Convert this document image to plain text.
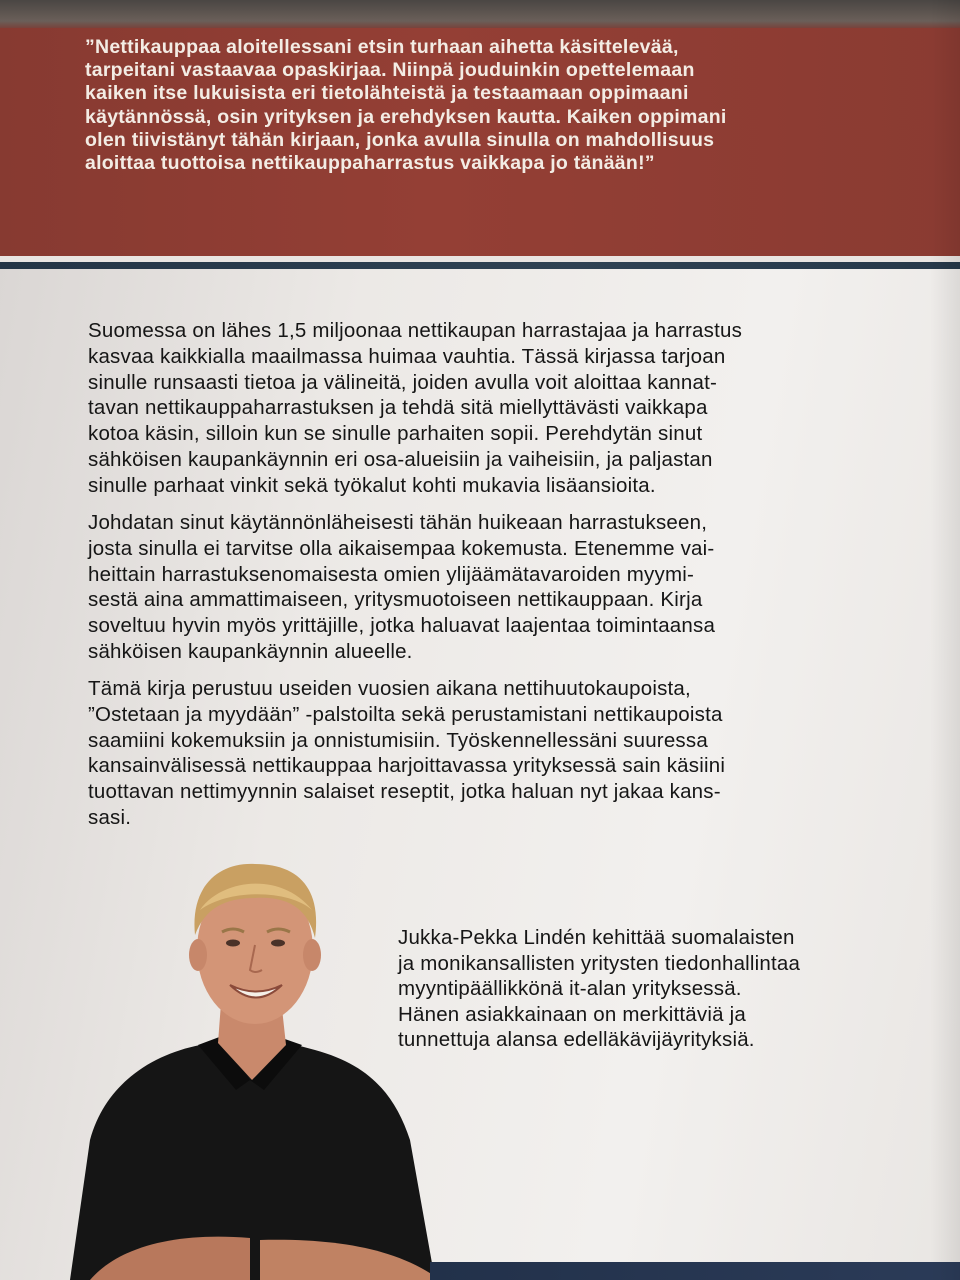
”Nettikauppaa aloitellessani etsin turhaan aihetta käsittelevää,
tarpeitani vastaavaa opaskirjaa. Niinpä jouduinkin opettelemaan
kaiken itse lukuisista eri tietolähteistä ja testaamaan oppimaani
käytännössä, osin yrityksen ja erehdyksen kautta. Kaiken oppimani
olen tiivistänyt tähän kirjaan, jonka avulla sinulla on mahdollisuus
aloittaa tuottoisa nettikauppaharrastus vaikkapa jo tänään!”

Suomessa on lähes 1,5 miljoonaa nettikaupan harrastajaa ja harrastus
kasvaa kaikkialla maailmassa huimaa vauhtia. Tässä kirjassa tarjoan
sinulle runsaasti tietoa ja välineitä, joiden avulla voit aloittaa kannat-
tavan nettikauppaharrastuksen ja tehdä sitä miellyttävästi vaikkapa
kotoa käsin, silloin kun se sinulle parhaiten sopii. Perehdytän sinut
sähköisen kaupankäynnin eri osa-alueisiin ja vaiheisiin, ja paljastan
sinulle parhaat vinkit sekä työkalut kohti mukavia lisäansioita.

Johdatan sinut käytännönläheisesti tähän huikeaan harrastukseen,
josta sinulla ei tarvitse olla aikaisempaa kokemusta. Etenemme vai-
heittain harrastuksenomaisesta omien ylijäämätavaroiden myymi-
sestä aina ammattimaiseen, yritysmuotoiseen nettikauppaan. Kirja
soveltuu hyvin myös yrittäjille, jotka haluavat laajentaa toimintaansa
sähköisen kaupankäynnin alueelle.

Tämä kirja perustuu useiden vuosien aikana nettihuutokaupoista,
”Ostetaan ja myydään” -palstoilta sekä perustamistani nettikaupoista
saamiini kokemuksiin ja onnistumisiin. Työskennellessäni suuressa
kansainvälisessä nettikauppaa harjoittavassa yrityksessä sain käsiini
tuottavan nettimyynnin salaiset reseptit, jotka haluan nyt jakaa kans-
sasi.

Jukka-Pekka Lindén kehittää suomalaisten
ja monikansallisten yritysten tiedonhallintaa
myyntipäällikkönä it-alan yrityksessä.
Hänen asiakkainaan on merkittäviä ja
tunnettuja alansa edelläkävijäyrityksiä.
